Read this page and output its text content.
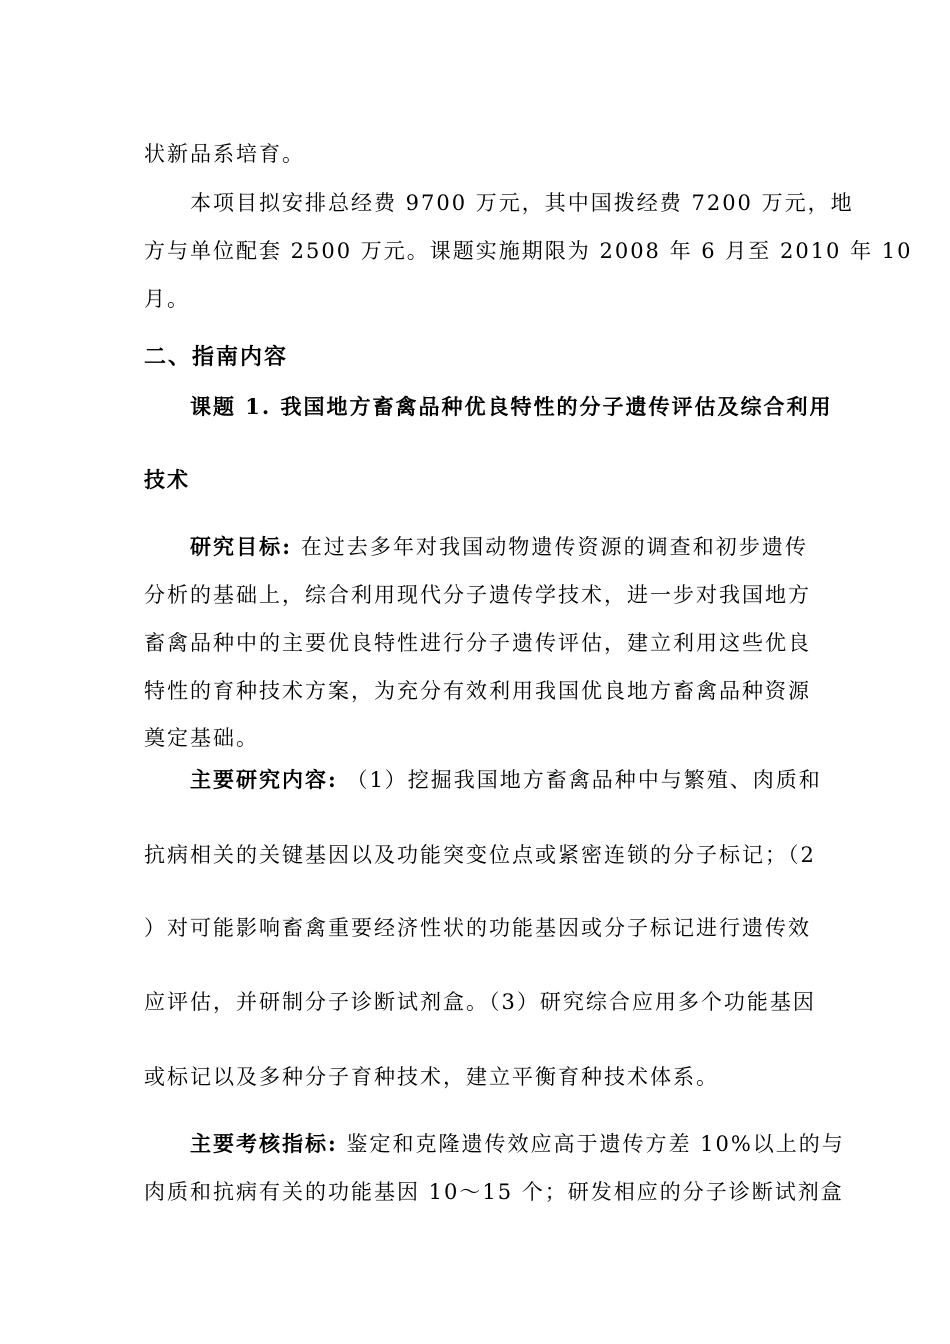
状新品系培育。
本项目拟安排总经费 9700 万元，其中国拨经费 7200 万元，地
方与单位配套 2500 万元。课题实施期限为 2008 年 6 月至 2010 年 10
月。
二、指南内容
课题 1. 我国地方畜禽品种优良特性的分子遗传评估及综合利用
技术
研究目标: 在过去多年对我国动物遗传资源的调查和初步遗传
分析的基础上，综合利用现代分子遗传学技术，进一步对我国地方
畜禽品种中的主要优良特性进行分子遗传评估，建立利用这些优良
特性的育种技术方案，为充分有效利用我国优良地方畜禽品种资源
奠定基础。
主要研究内容: （1）挖掘我国地方畜禽品种中与繁殖、肉质和
抗病相关的关键基因以及功能突变位点或紧密连锁的分子标记；（2
）对可能影响畜禽重要经济性状的功能基因或分子标记进行遗传效
应评估，并研制分子诊断试剂盒。（3）研究综合应用多个功能基因
或标记以及多种分子育种技术，建立平衡育种技术体系。
主要考核指标: 鉴定和克隆遗传效应高于遗传方差 10%以上的与
肉质和抗病有关的功能基因 10～15 个；研发相应的分子诊断试剂盒
